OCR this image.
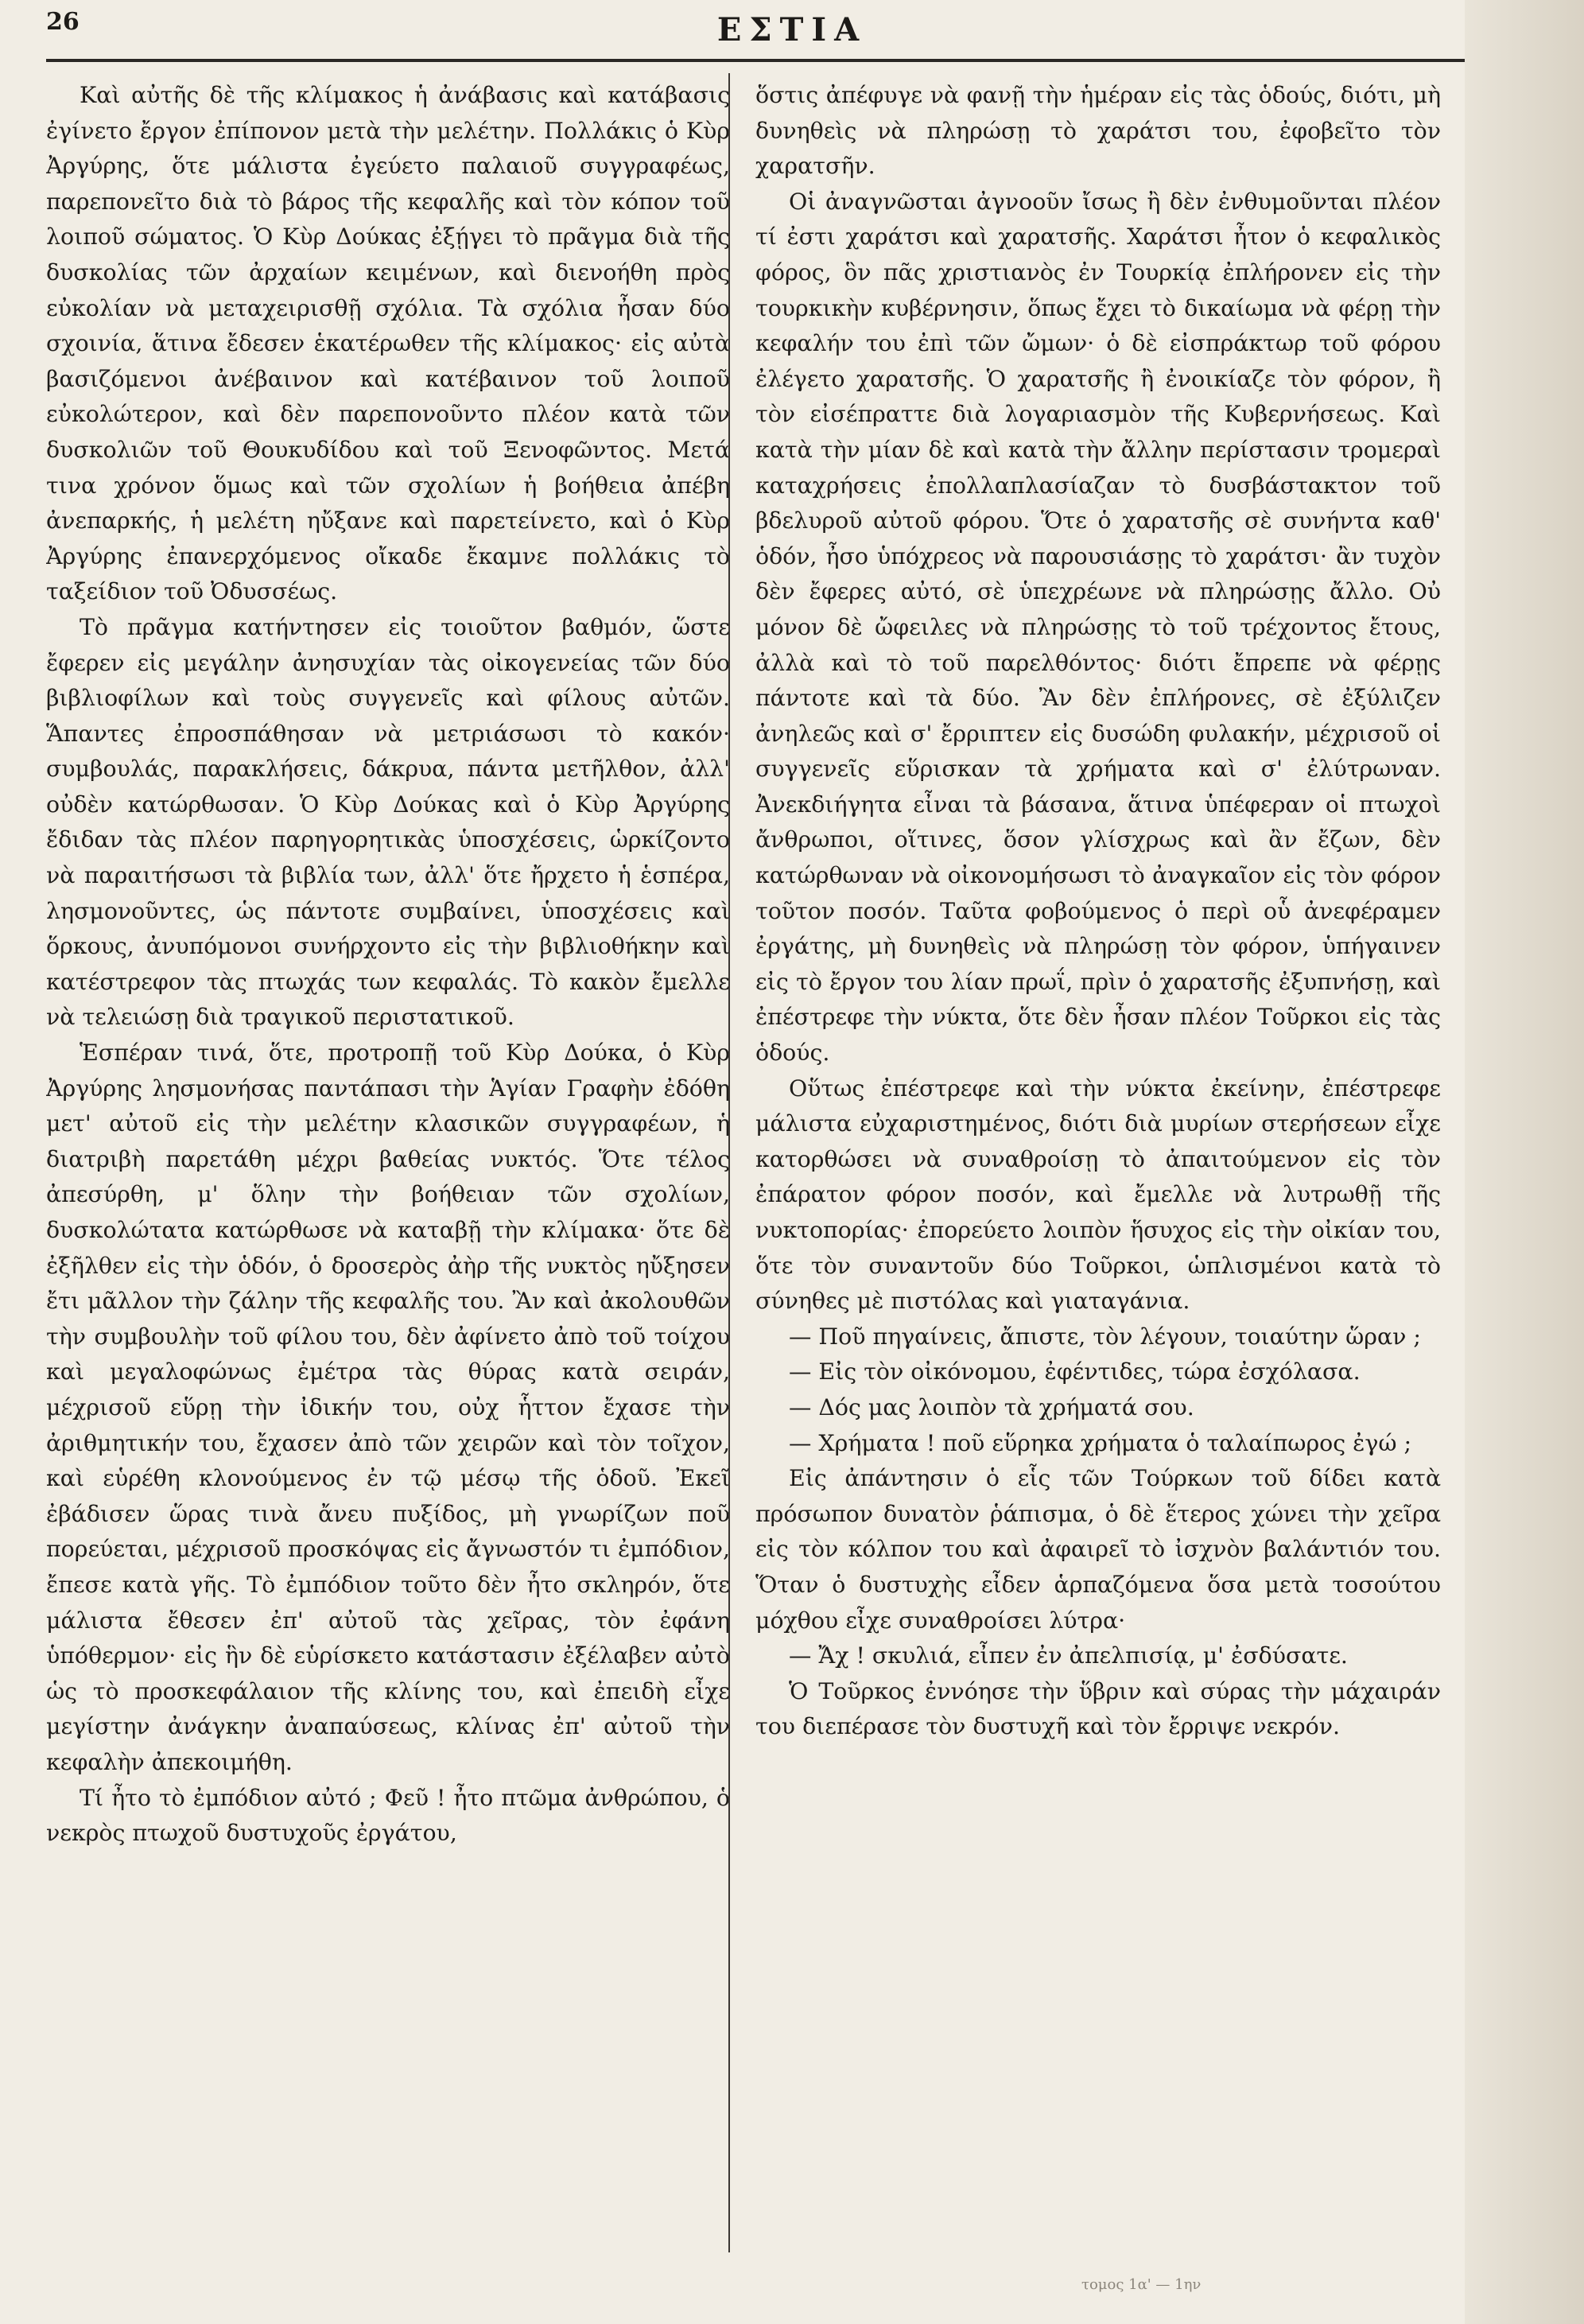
26	ΕΣΤΙΑ

Καὶ αὐτῆς δὲ τῆς κλίμακος ἡ ἀνάβασις καὶ κατάβασις ἐγίνετο ἔργον ἐπίπονον μετὰ τὴν μελέτην. Πολλάκις ὁ Κὺρ Ἀργύρης, ὅτε μάλιστα ἐγεύετο παλαιοῦ συγγραφέως, παρεπονεῖτο διὰ τὸ βάρος τῆς κεφαλῆς καὶ τὸν κόπον τοῦ λοιποῦ σώματος. Ὁ Κὺρ Δούκας ἐξῄγει τὸ πρᾶγμα διὰ τῆς δυσκολίας τῶν ἀρχαίων κειμένων, καὶ διενοήθη πρὸς εὐκολίαν νὰ μεταχειρισθῇ σχόλια. Τὰ σχόλια ἦσαν δύο σχοινία, ἅτινα ἔδεσεν ἑκατέρωθεν τῆς κλίμακος· εἰς αὐτὰ βασιζόμενοι ἀνέβαινον καὶ κατέβαινον τοῦ λοιποῦ εὐκολώτερον, καὶ δὲν παρεπονοῦντο πλέον κατὰ τῶν δυσκολιῶν τοῦ Θουκυδίδου καὶ τοῦ Ξενοφῶντος. Μετά τινα χρόνον ὅμως καὶ τῶν σχολίων ἡ βοήθεια ἀπέβη ἀνεπαρκής, ἡ μελέτη ηὔξανε καὶ παρετείνετο, καὶ ὁ Κὺρ Ἀργύρης ἐπανερχόμενος οἴκαδε ἔκαμνε πολλάκις τὸ ταξείδιον τοῦ Ὀδυσσέως.

Τὸ πρᾶγμα κατήντησεν εἰς τοιοῦτον βαθμόν, ὥστε ἔφερεν εἰς μεγάλην ἀνησυχίαν τὰς οἰκογενείας τῶν δύο βιβλιοφίλων καὶ τοὺς συγγενεῖς καὶ φίλους αὐτῶν. Ἅπαντες ἐπροσπάθησαν νὰ μετριάσωσι τὸ κακόν· συμβουλάς, παρακλήσεις, δάκρυα, πάντα μετῆλθον, ἀλλ' οὐδὲν κατώρθωσαν. Ὁ Κὺρ Δούκας καὶ ὁ Κὺρ Ἀργύρης ἔδιδαν τὰς πλέον παρηγορητικὰς ὑποσχέσεις, ὡρκίζοντο νὰ παραιτήσωσι τὰ βιβλία των, ἀλλ' ὅτε ἤρχετο ἡ ἑσπέρα, λησμονοῦντες, ὡς πάντοτε συμβαίνει, ὑποσχέσεις καὶ ὅρκους, ἀνυπόμονοι συνήρχοντο εἰς τὴν βιβλιοθήκην καὶ κατέστρεφον τὰς πτωχάς των κεφαλάς. Τὸ κακὸν ἔμελλε νὰ τελειώσῃ διὰ τραγικοῦ περιστατικοῦ.

Ἑσπέραν τινά, ὅτε, προτροπῇ τοῦ Κὺρ Δούκα, ὁ Κὺρ Ἀργύρης λησμονήσας παντάπασι τὴν Ἁγίαν Γραφὴν ἐδόθη μετ' αὐτοῦ εἰς τὴν μελέτην κλασικῶν συγγραφέων, ἡ διατριβὴ παρετάθη μέχρι βαθείας νυκτός. Ὅτε τέλος ἀπεσύρθη, μ' ὅλην τὴν βοήθειαν τῶν σχολίων, δυσκολώτατα κατώρθωσε νὰ καταβῇ τὴν κλίμακα· ὅτε δὲ ἐξῆλθεν εἰς τὴν ὁδόν, ὁ δροσερὸς ἀὴρ τῆς νυκτὸς ηὔξησεν ἔτι μᾶλλον τὴν ζάλην τῆς κεφαλῆς του. Ἂν καὶ ἀκολουθῶν τὴν συμβουλὴν τοῦ φίλου του, δὲν ἀφίνετο ἀπὸ τοῦ τοίχου καὶ μεγαλοφώνως ἐμέτρα τὰς θύρας κατὰ σειράν, μέχρισοῦ εὕρῃ τὴν ἰδικήν του, οὐχ ἧττον ἔχασε τὴν ἀριθμητικήν του, ἔχασεν ἀπὸ τῶν χειρῶν καὶ τὸν τοῖχον, καὶ εὑρέθη κλονούμενος ἐν τῷ μέσῳ τῆς ὁδοῦ. Ἐκεῖ ἐβάδισεν ὥρας τινὰ ἄνευ πυξίδος, μὴ γνωρίζων ποῦ πορεύεται, μέχρισοῦ προσκόψας εἰς ἄγνωστόν τι ἐμπόδιον, ἔπεσε κατὰ γῆς. Τὸ ἐμπόδιον τοῦτο δὲν ἦτο σκληρόν, ὅτε μάλιστα ἔθεσεν ἐπ' αὐτοῦ τὰς χεῖρας, τὸν ἐφάνη ὑπόθερμον· εἰς ἣν δὲ εὑρίσκετο κατάστασιν ἐξέλαβεν αὐτὸ ὡς τὸ προσκεφάλαιον τῆς κλίνης του, καὶ ἐπειδὴ εἶχε μεγίστην ἀνάγκην ἀναπαύσεως, κλίνας ἐπ' αὐτοῦ τὴν κεφαλὴν ἀπεκοιμήθη.

Τί ἦτο τὸ ἐμπόδιον αὐτό ; Φεῦ ! ἦτο πτῶμα ἀνθρώπου, ὁ νεκρὸς πτωχοῦ δυστυχοῦς ἐργάτου,

ὅστις ἀπέφυγε νὰ φανῇ τὴν ἡμέραν εἰς τὰς ὁδούς, διότι, μὴ δυνηθεὶς νὰ πληρώσῃ τὸ χαράτσι του, ἐφοβεῖτο τὸν χαρατσῆν.

Οἱ ἀναγνῶσται ἀγνοοῦν ἴσως ἢ δὲν ἐνθυμοῦνται πλέον τί ἐστι χαράτσι καὶ χαρατσῆς. Χαράτσι ἦτον ὁ κεφαλικὸς φόρος, ὃν πᾶς χριστιανὸς ἐν Τουρκίᾳ ἐπλήρονεν εἰς τὴν τουρκικὴν κυβέρνησιν, ὅπως ἔχει τὸ δικαίωμα νὰ φέρῃ τὴν κεφαλήν του ἐπὶ τῶν ὤμων· ὁ δὲ εἰσπράκτωρ τοῦ φόρου ἐλέγετο χαρατσῆς. Ὁ χαρατσῆς ἢ ἐνοικίαζε τὸν φόρον, ἢ τὸν εἰσέπραττε διὰ λογαριασμὸν τῆς Κυβερνήσεως. Καὶ κατὰ τὴν μίαν δὲ καὶ κατὰ τὴν ἄλλην περίστασιν τρομεραὶ καταχρήσεις ἐπολλαπλασίαζαν τὸ δυσβάστακτον τοῦ βδελυροῦ αὐτοῦ φόρου. Ὅτε ὁ χαρατσῆς σὲ συνήντα καθ' ὁδόν, ἦσο ὑπόχρεος νὰ παρουσιάσῃς τὸ χαράτσι· ἂν τυχὸν δὲν ἔφερες αὐτό, σὲ ὑπεχρέωνε νὰ πληρώσῃς ἄλλο. Οὐ μόνον δὲ ὤφειλες νὰ πληρώσῃς τὸ τοῦ τρέχοντος ἔτους, ἀλλὰ καὶ τὸ τοῦ παρελθόντος· διότι ἔπρεπε νὰ φέρῃς πάντοτε καὶ τὰ δύο. Ἂν δὲν ἐπλήρονες, σὲ ἐξύλιζεν ἀνηλεῶς καὶ σ' ἔρριπτεν εἰς δυσώδη φυλακήν, μέχρισοῦ οἱ συγγενεῖς εὕρισκαν τὰ χρήματα καὶ σ' ἐλύτρωναν. Ἀνεκδιήγητα εἶναι τὰ βάσανα, ἅτινα ὑπέφεραν οἱ πτωχοὶ ἄνθρωποι, οἵτινες, ὅσον γλίσχρως καὶ ἂν ἔζων, δὲν κατώρθωναν νὰ οἰκονομήσωσι τὸ ἀναγκαῖον εἰς τὸν φόρον τοῦτον ποσόν. Ταῦτα φοβούμενος ὁ περὶ οὗ ἀνεφέραμεν ἐργάτης, μὴ δυνηθεὶς νὰ πληρώσῃ τὸν φόρον, ὑπήγαινεν εἰς τὸ ἔργον του λίαν πρωΐ, πρὶν ὁ χαρατσῆς ἐξυπνήσῃ, καὶ ἐπέστρεφε τὴν νύκτα, ὅτε δὲν ἦσαν πλέον Τοῦρκοι εἰς τὰς ὁδούς.

Οὕτως ἐπέστρεφε καὶ τὴν νύκτα ἐκείνην, ἐπέστρεφε μάλιστα εὐχαριστημένος, διότι διὰ μυρίων στερήσεων εἶχε κατορθώσει νὰ συναθροίσῃ τὸ ἀπαιτούμενον εἰς τὸν ἐπάρατον φόρον ποσόν, καὶ ἔμελλε νὰ λυτρωθῇ τῆς νυκτοπορίας· ἐπορεύετο λοιπὸν ἥσυχος εἰς τὴν οἰκίαν του, ὅτε τὸν συναντοῦν δύο Τοῦρκοι, ὡπλισμένοι κατὰ τὸ σύνηθες μὲ πιστόλας καὶ γιαταγάνια.

— Ποῦ πηγαίνεις, ἄπιστε, τὸν λέγουν, τοιαύτην ὥραν ;

— Εἰς τὸν οἰκόνομου, ἐφέντιδες, τώρα ἐσχόλασα.

— Δός μας λοιπὸν τὰ χρήματά σου.

— Χρήματα ! ποῦ εὕρηκα χρήματα ὁ ταλαίπωρος ἐγώ ;

Εἰς ἀπάντησιν ὁ εἷς τῶν Τούρκων τοῦ δίδει κατὰ πρόσωπον δυνατὸν ῥάπισμα, ὁ δὲ ἕτερος χώνει τὴν χεῖρα εἰς τὸν κόλπον του καὶ ἀφαιρεῖ τὸ ἰσχνὸν βαλάντιόν του. Ὅταν ὁ δυστυχὴς εἶδεν ἁρπαζόμενα ὅσα μετὰ τοσούτου μόχθου εἶχε συναθροίσει λύτρα·

— Ἄχ ! σκυλιά, εἶπεν ἐν ἀπελπισίᾳ, μ' ἐσδύσατε.

Ὁ Τοῦρκος ἐννόησε τὴν ὕβριν καὶ σύρας τὴν μάχαιράν του διεπέρασε τὸν δυστυχῆ καὶ τὸν ἔρριψε νεκρόν.

τομος 1α' — 1ην
